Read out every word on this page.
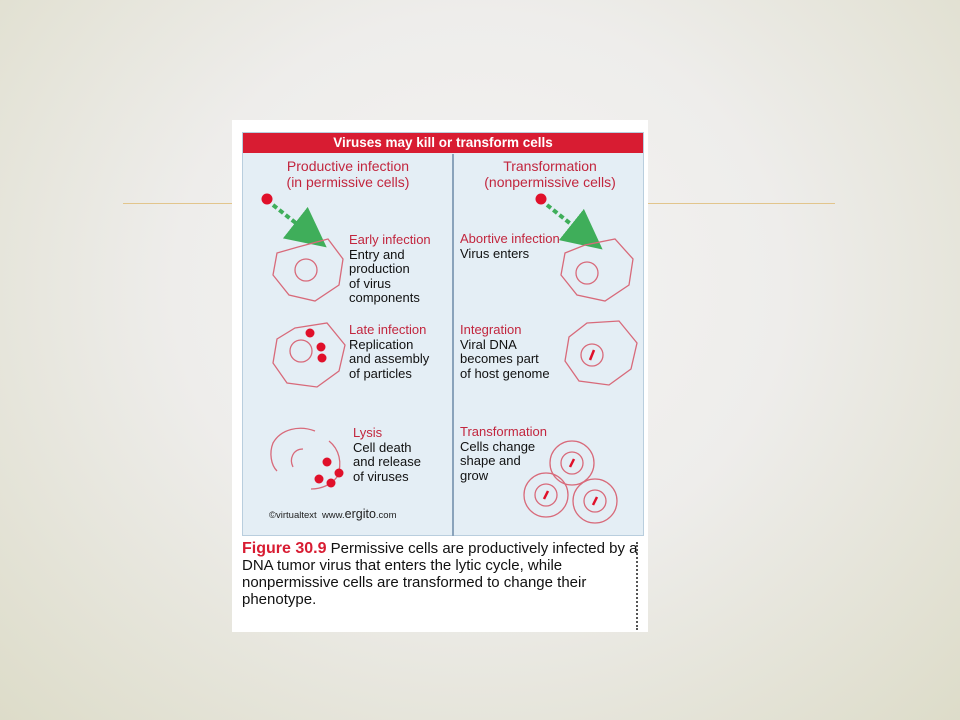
Viruses may kill or transform cells
Productive infection
(in permissive cells)
Transformation
(nonpermissive cells)
Early infection
Entry and
production
of virus
components
Late infection
Replication
and assembly
of particles
Lysis
Cell death
and release
of viruses
Abortive infection
Virus enters
Integration
Viral DNA
becomes part
of host genome
Transformation
Cells change
shape and
grow
©virtualtext www.ergito.com
Figure 30.9 Permissive cells are productively infected by a DNA tumor virus that enters the lytic cycle, while nonpermissive cells are transformed to change their phenotype.
